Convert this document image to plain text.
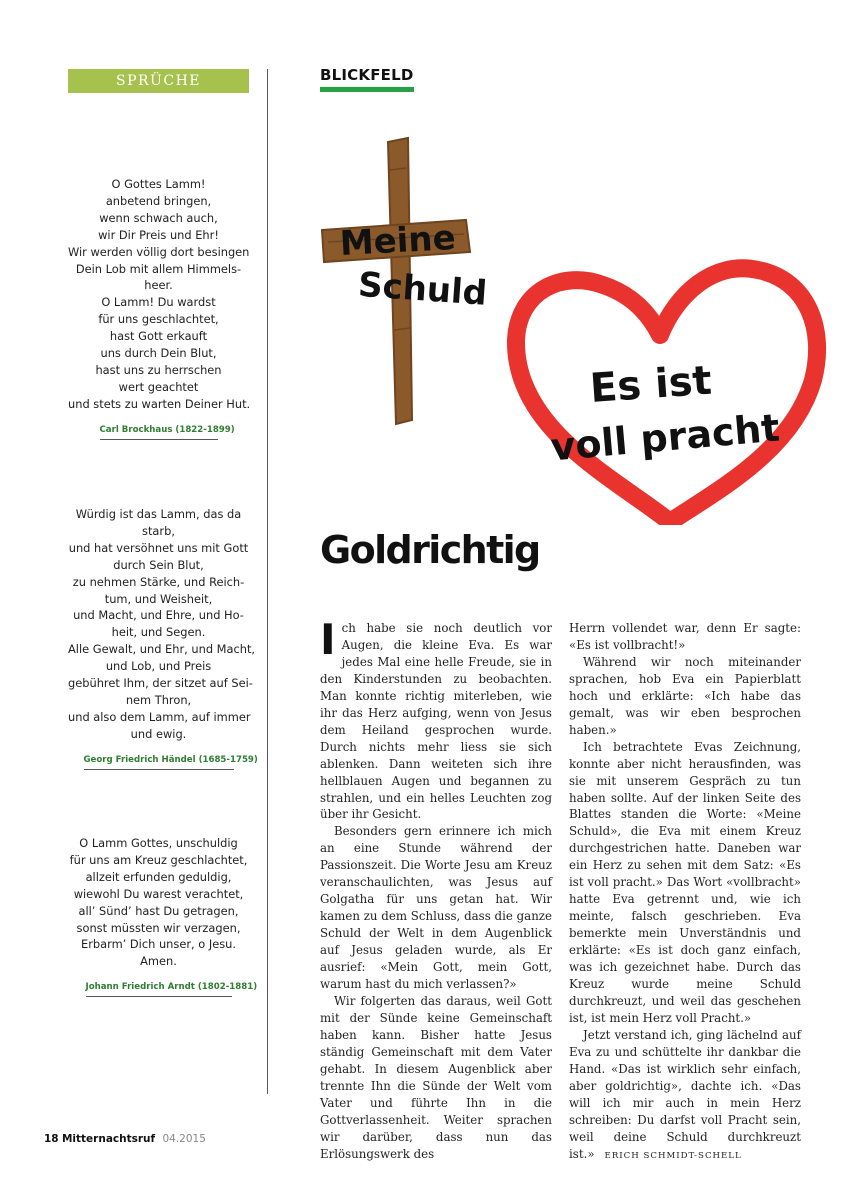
SPRÜCHE
O Gottes Lamm!
anbetend bringen,
wenn schwach auch,
wir Dir Preis und Ehr!
Wir werden völlig dort besingen
Dein Lob mit allem Himmels-
heer.
O Lamm! Du wardst
für uns geschlachtet,
hast Gott erkauft
uns durch Dein Blut,
hast uns zu herrschen
wert geachtet
und stets zu warten Deiner Hut.
Carl Brockhaus (1822-1899)
Würdig ist das Lamm, das da
starb,
und hat versöhnet uns mit Gott
durch Sein Blut,
zu nehmen Stärke, und Reich-
tum, und Weisheit,
und Macht, und Ehre, und Ho-
heit, und Segen.
Alle Gewalt, und Ehr, und Macht,
und Lob, und Preis
gebühret Ihm, der sitzet auf Sei-
nem Thron,
und also dem Lamm, auf immer
und ewig.
Georg Friedrich Händel (1685-1759)
O Lamm Gottes, unschuldig
für uns am Kreuz geschlachtet,
allzeit erfunden geduldig,
wiewohl Du warest verachtet,
all’ Sünd’ hast Du getragen,
sonst müssten wir verzagen,
Erbarm’ Dich unser, o Jesu.
Amen.
Johann Friedrich Arndt (1802-1881)
BLICKFELD
Meine
Schuld
Es ist
voll pracht
Goldrichtig

Ich habe sie noch deutlich vor Augen, die kleine Eva. Es war jedes Mal eine helle Freude, sie in den Kinderstunden zu beobachten. Man konnte richtig miterleben, wie ihr das Herz aufging, wenn von Jesus dem Heiland gesprochen wurde. Durch nichts mehr liess sie sich ablenken. Dann weiteten sich ihre hellblauen Augen und begannen zu strahlen, und ein helles Leuchten zog über ihr Gesicht.

Besonders gern erinnere ich mich an eine Stunde während der Passionszeit. Die Worte Jesu am Kreuz veranschaulichten, was Jesus auf Golgatha für uns getan hat. Wir kamen zu dem Schluss, dass die ganze Schuld der Welt in dem Augenblick auf Jesus geladen wurde, als Er ausrief: «Mein Gott, mein Gott, warum hast du mich verlassen?»

Wir folgerten das daraus, weil Gott mit der Sünde keine Gemeinschaft haben kann. Bisher hatte Jesus ständig Gemeinschaft mit dem Vater gehabt. In diesem Augenblick aber trennte Ihn die Sünde der Welt vom Vater und führte Ihn in die Gottverlassenheit. Weiter sprachen wir darüber, dass nun das Erlösungswerk des

Herrn vollendet war, denn Er sagte: «Es ist vollbracht!»

Während wir noch miteinander sprachen, hob Eva ein Papierblatt hoch und erklärte: «Ich habe das gemalt, was wir eben besprochen haben.»

Ich betrachtete Evas Zeichnung, konnte aber nicht herausfinden, was sie mit unserem Gespräch zu tun haben sollte. Auf der linken Seite des Blattes standen die Worte: «Meine Schuld», die Eva mit einem Kreuz durchgestrichen hatte. Daneben war ein Herz zu sehen mit dem Satz: «Es ist voll pracht.» Das Wort «vollbracht» hatte Eva getrennt und, wie ich meinte, falsch geschrieben. Eva bemerkte mein Unverständnis und erklärte: «Es ist doch ganz einfach, was ich gezeichnet habe. Durch das Kreuz wurde meine Schuld durchkreuzt, und weil das geschehen ist, ist mein Herz voll Pracht.»

Jetzt verstand ich, ging lächelnd auf Eva zu und schüttelte ihr dankbar die Hand. «Das ist wirklich sehr einfach, aber goldrichtig», dachte ich. «Das will ich mir auch in mein Herz schreiben: Du darfst voll Pracht sein, weil deine Schuld durchkreuzt ist.» ERICH SCHMIDT-SCHELL

18 Mitternachtsruf 04.2015
